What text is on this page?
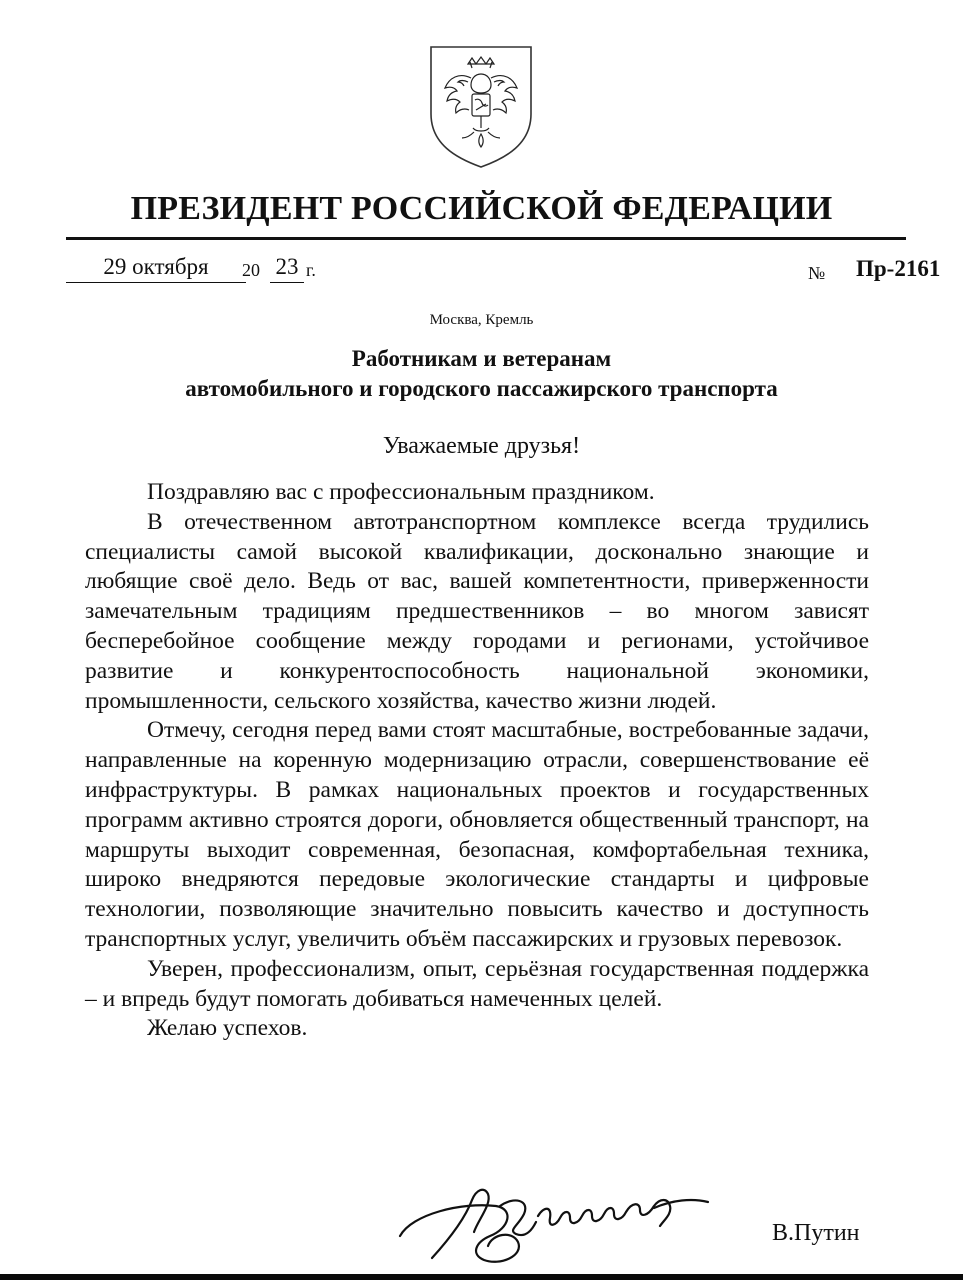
ПРЕЗИДЕНТ РОССИЙСКОЙ ФЕДЕРАЦИИ
29 октября	20 23 г.	№ Пр-2161
Москва, Кремль
Работникам и ветеранам
автомобильного и городского пассажирского транспорта
Уважаемые друзья!

Поздравляю вас с профессиональным праздником.

В отечественном автотранспортном комплексе всегда трудились специалисты самой высокой квалификации, досконально знающие и любящие своё дело. Ведь от вас, вашей компетентности, приверженности замечательным традициям предшественников – во многом зависят бесперебойное сообщение между городами и регионами, устойчивое развитие и конкурентоспособность национальной экономики, промышленности, сельского хозяйства, качество жизни людей.

Отмечу, сегодня перед вами стоят масштабные, востребованные задачи, направленные на коренную модернизацию отрасли, совершенствование её инфраструктуры. В рамках национальных проектов и государственных программ активно строятся дороги, обновляется общественный транспорт, на маршруты выходит современная, безопасная, комфортабельная техника, широко внедряются передовые экологические стандарты и цифровые технологии, позволяющие значительно повысить качество и доступность транспортных услуг, увеличить объём пассажирских и грузовых перевозок.

Уверен, профессионализм, опыт, серьёзная государственная поддержка – и впредь будут помогать добиваться намеченных целей.

Желаю успехов.

В.Путин
